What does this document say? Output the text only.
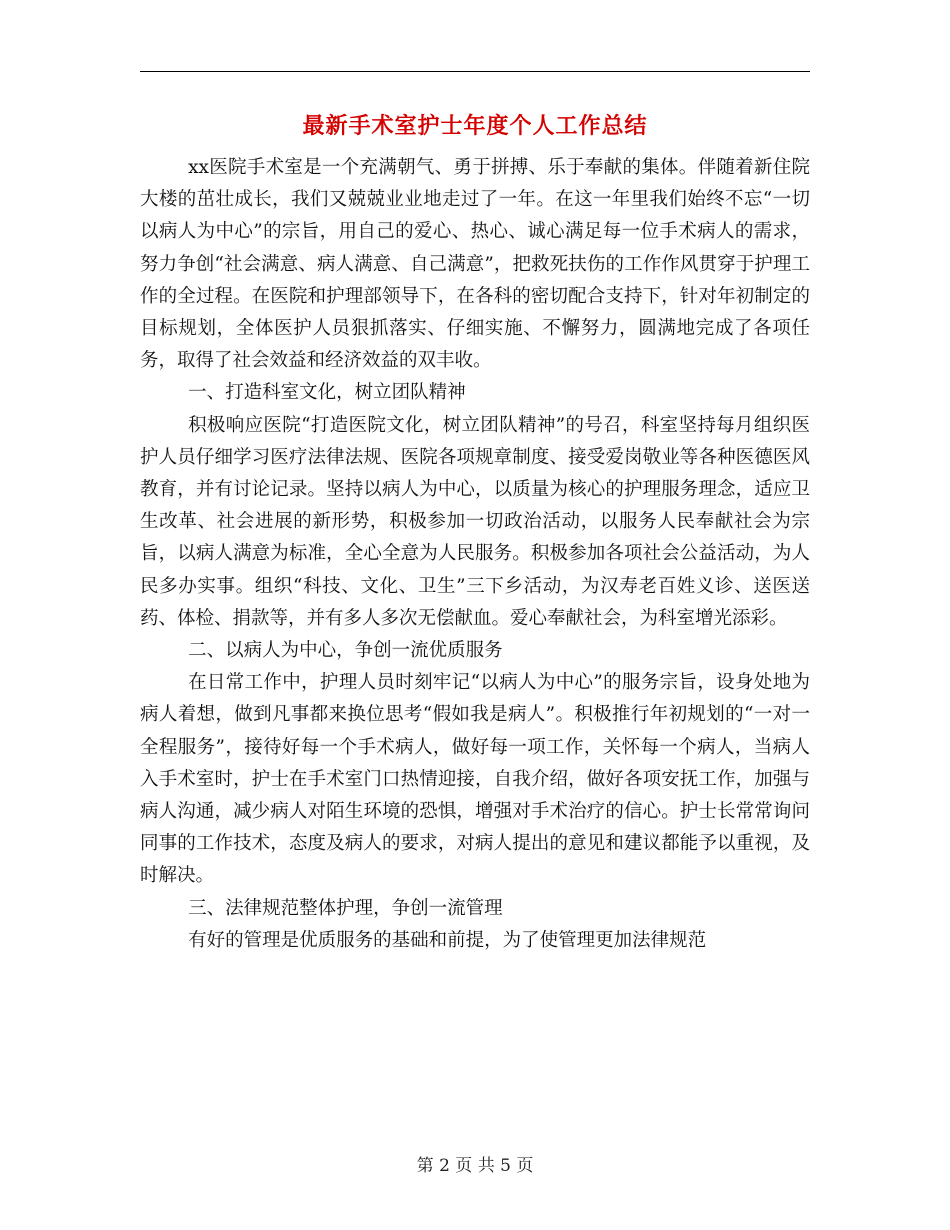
最新手术室护士年度个人工作总结

xx医院手术室是一个充满朝气、勇于拼搏、乐于奉献的集体。伴随着新住院大楼的茁壮成长，我们又兢兢业业地走过了一年。在这一年里我们始终不忘“一切以病人为中心”的宗旨，用自己的爱心、热心、诚心满足每一位手术病人的需求，努力争创“社会满意、病人满意、自己满意”，把救死扶伤的工作作风贯穿于护理工作的全过程。在医院和护理部领导下，在各科的密切配合支持下，针对年初制定的目标规划，全体医护人员狠抓落实、仔细实施、不懈努力，圆满地完成了各项任务，取得了社会效益和经济效益的双丰收。

一、打造科室文化，树立团队精神

积极响应医院“打造医院文化，树立团队精神”的号召，科室坚持每月组织医护人员仔细学习医疗法律法规、医院各项规章制度、接受爱岗敬业等各种医德医风教育，并有讨论记录。坚持以病人为中心，以质量为核心的护理服务理念，适应卫生改革、社会进展的新形势，积极参加一切政治活动，以服务人民奉献社会为宗旨，以病人满意为标准，全心全意为人民服务。积极参加各项社会公益活动，为人民多办实事。组织“科技、文化、卫生”三下乡活动，为汉寿老百姓义诊、送医送药、体检、捐款等，并有多人多次无偿献血。爱心奉献社会，为科室增光添彩。

二、以病人为中心，争创一流优质服务

在日常工作中，护理人员时刻牢记“以病人为中心”的服务宗旨，设身处地为病人着想，做到凡事都来换位思考“假如我是病人”。积极推行年初规划的“一对一全程服务”，接待好每一个手术病人，做好每一项工作，关怀每一个病人，当病人入手术室时，护士在手术室门口热情迎接，自我介绍，做好各项安抚工作，加强与病人沟通，减少病人对陌生环境的恐惧，增强对手术治疗的信心。护士长常常询问同事的工作技术，态度及病人的要求，对病人提出的意见和建议都能予以重视，及时解决。

三、法律规范整体护理，争创一流管理

有好的管理是优质服务的基础和前提，为了使管理更加法律规范

第 2 页 共 5 页
